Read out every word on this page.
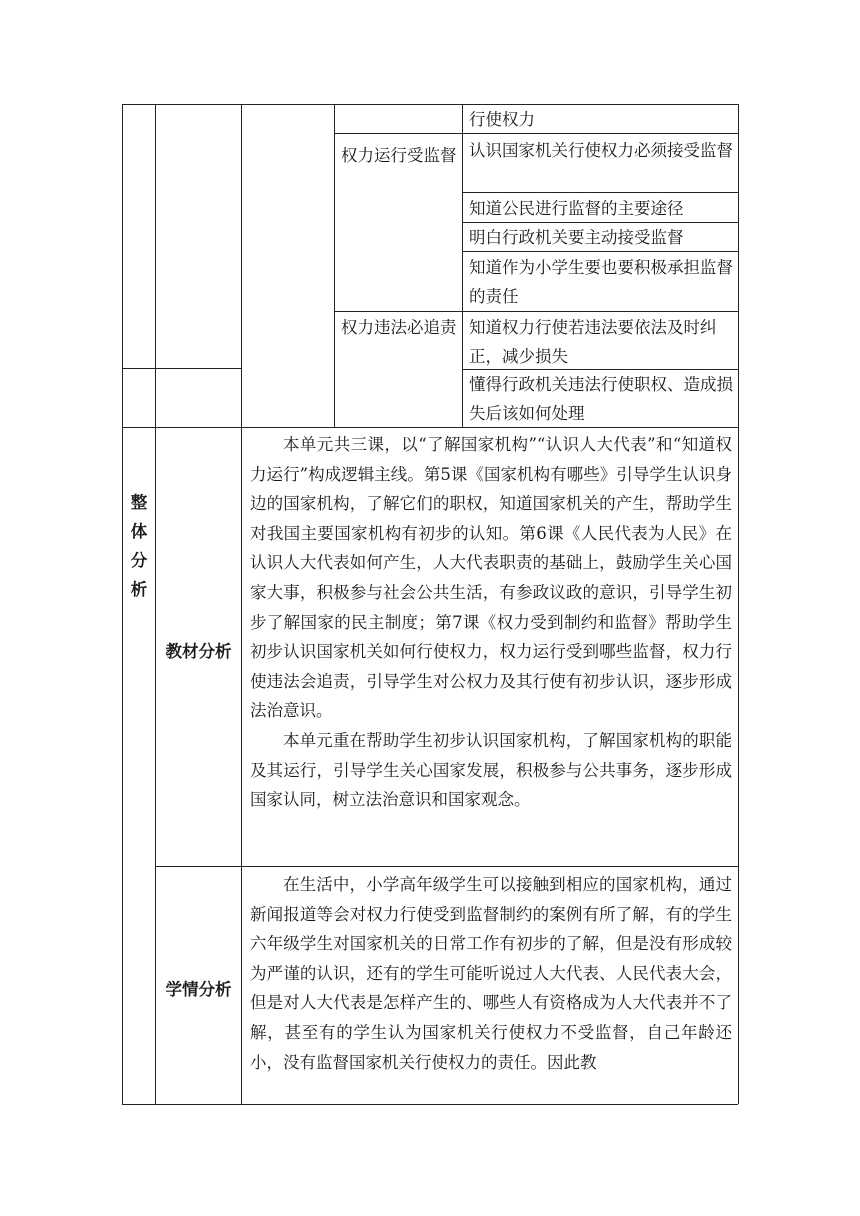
行使权力
权力运行受监督 认识国家机关行使权力必须接受监督
知道公民进行监督的主要途径
明白行政机关要主动接受监督
知道作为小学生要也要积极承担监督的责任
权力违法必追责 知道权力行使若违法要依法及时纠正，减少损失
懂得行政机关违法行使职权、造成损失后该如何处理
整体分析
教材分析

本单元共三课，以“了解国家机构”“认识人大代表”和“知道权力运行”构成逻辑主线。第5课《国家机构有哪些》引导学生认识身边的国家机构，了解它们的职权，知道国家机关的产生，帮助学生对我国主要国家机构有初步的认知。第6课《人民代表为人民》在认识人大代表如何产生，人大代表职责的基础上，鼓励学生关心国家大事，积极参与社会公共生活，有参政议政的意识，引导学生初步了解国家的民主制度；第7课《权力受到制约和监督》帮助学生初步认识国家机关如何行使权力，权力运行受到哪些监督，权力行使违法会追责，引导学生对公权力及其行使有初步认识，逐步形成法治意识。

本单元重在帮助学生初步认识国家机构，了解国家机构的职能及其运行，引导学生关心国家发展，积极参与公共事务，逐步形成国家认同，树立法治意识和国家观念。

学情分析

在生活中，小学高年级学生可以接触到相应的国家机构，通过新闻报道等会对权力行使受到监督制约的案例有所了解，有的学生六年级学生对国家机关的日常工作有初步的了解，但是没有形成较为严谨的认识，还有的学生可能听说过人大代表、人民代表大会，但是对人大代表是怎样产生的、哪些人有资格成为人大代表并不了解，甚至有的学生认为国家机关行使权力不受监督，自己年龄还小，没有监督国家机关行使权力的责任。因此教
